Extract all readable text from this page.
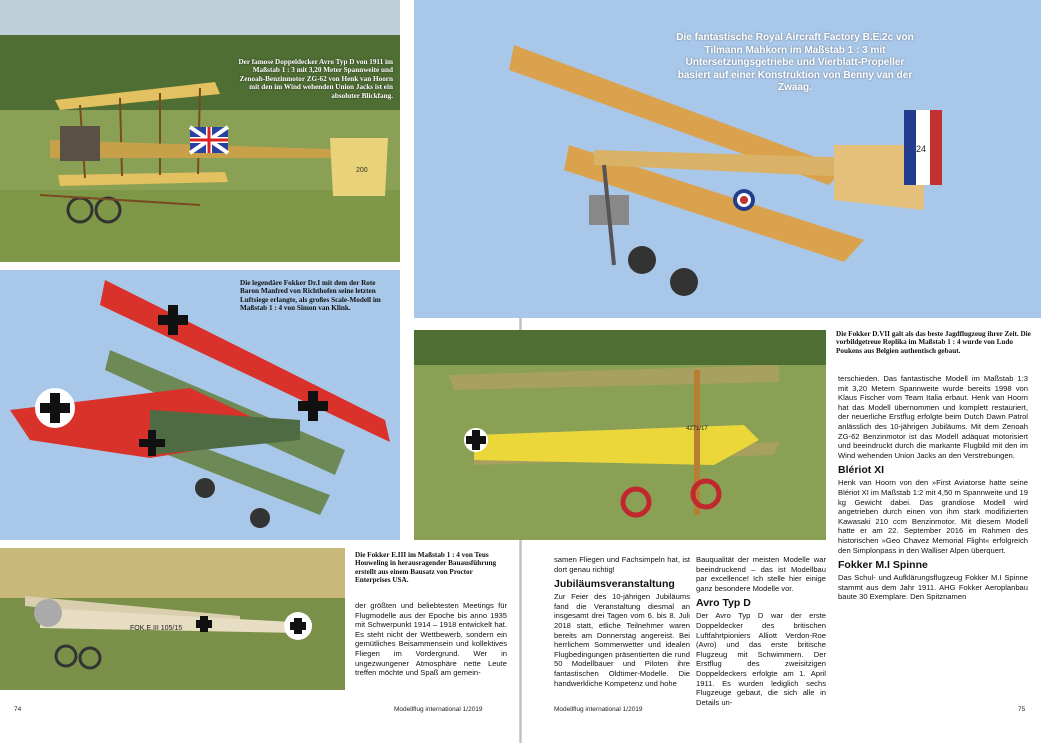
200
Der famose Doppeldecker Avro Typ D von 1911 im Maßstab 1 : 3 mit 3,20 Meter Spannweite und Zenoah-Benzinmotor ZG-62 von Henk van Hoorn mit den im Wind wehenden Union Jacks ist ein absoluter Blickfang.
Die legendäre Fokker Dr.I mit dem der Rote Baron Manfred von Richthofen seine letzten Luftsiege erlangte, als großes Scale-Modell im Maßstab 1 : 4 von Simon van Klink.
FOK.E.III 105/15
Die Fokker E.III im Maßstab 1 : 4 von Teus Houweling in herausragender Bauausführung erstellt aus einem Bausatz von Proctor Enterprises USA.

der größten und beliebtesten Meetings für Flugmodelle aus der Epoche bis anno 1935 mit Schwerpunkt 1914 – 1918 entwickelt hat. Es steht nicht der Wettbewerb, sondern ein gemütliches Beisammensein und kollektives Fliegen im Vordergrund. Wer in ungezwungener Atmosphäre nette Leute treffen möchte und Spaß am gemein-

74	Modellflug international 1/2019
24
Die fantastische Royal Aircraft Factory B.E.2c von Tilmann Mahkorn im Maßstab 1 : 3 mit Untersetzungsgetriebe und Vierblatt-Propeller basiert auf einer Konstruktion von Benny van der Zwaag.
4271/17
Die Fokker D.VII galt als das beste Jagdflugzeug ihrer Zeit. Die vorbildgetreue Replika im Maßstab 1 : 4 wurde von Ludo Poukens aus Belgien authentisch gebaut.

samen Fliegen und Fachsimpeln hat, ist dort genau richtig!

Jubiläumsveranstaltung

Zur Feier des 10-jährigen Jubiläums fand die Veranstaltung diesmal an insgesamt drei Tagen vom 6. bis 8. Juli 2018 statt, etliche Teilnehmer waren bereits am Donnerstag angereist. Bei herrlichem Sommerwetter und idealen Flugbedingungen präsentierten die rund 50 Modellbauer und Piloten ihre fantastischen Oldtimer-Modelle. Die handwerkliche Kompetenz und hohe

Bauqualität der meisten Modelle war beeindruckend – das ist Modellbau par excellence! Ich stelle hier einige ganz besondere Modelle vor.

Avro Typ D

Der Avro Typ D war der erste Doppeldecker des britischen Luftfahrtpioniers Alliott Verdon-Roe (Avro) und das erste britische Flugzeug mit Schwimmern. Der Erstflug des zweisitzigen Doppeldeckers erfolgte am 1. April 1911. Es wurden lediglich sechs Flugzeuge gebaut, die sich alle in Details un-

terschieden. Das fantastische Modell im Maßstab 1:3 mit 3,20 Metern Spannweite wurde bereits 1998 von Klaus Fischer vom Team Italia erbaut. Henk van Hoorn hat das Modell übernommen und komplett restauriert, der neuerliche Erstflug erfolgte beim Dutch Dawn Patrol anlässlich des 10-jährigen Jubiläums. Mit dem Zenoah ZG-62 Benzinmotor ist das Modell adäquat motorisiert und beeindruckt durch die markante Flugbild mit den im Wind wehenden Union Jacks an den Verstrebungen.

Blériot XI

Henk van Hoorn von den »First Aviatorse hatte seine Blériot XI im Maßstab 1:2 mit 4,50 m Spannweite und 19 kg Gewicht dabei. Das grandiose Modell wird angetrieben durch einen von ihm stark modifizierten Kawasaki 210 ccm Benzinmotor. Mit diesem Modell hatte er am 22. September 2016 im Rahmen des historischen »Geo Chavez Memorial Flight« erfolgreich den Simplonpass in den Walliser Alpen überquert.

Fokker M.I Spinne

Das Schul- und Aufklärungsflugzeug Fokker M.I Spinne stammt aus dem Jahr 1911. AHG Fokker Aeroplanbau baute 30 Exemplare. Den Spitznamen

Modellflug international 1/2019	75
